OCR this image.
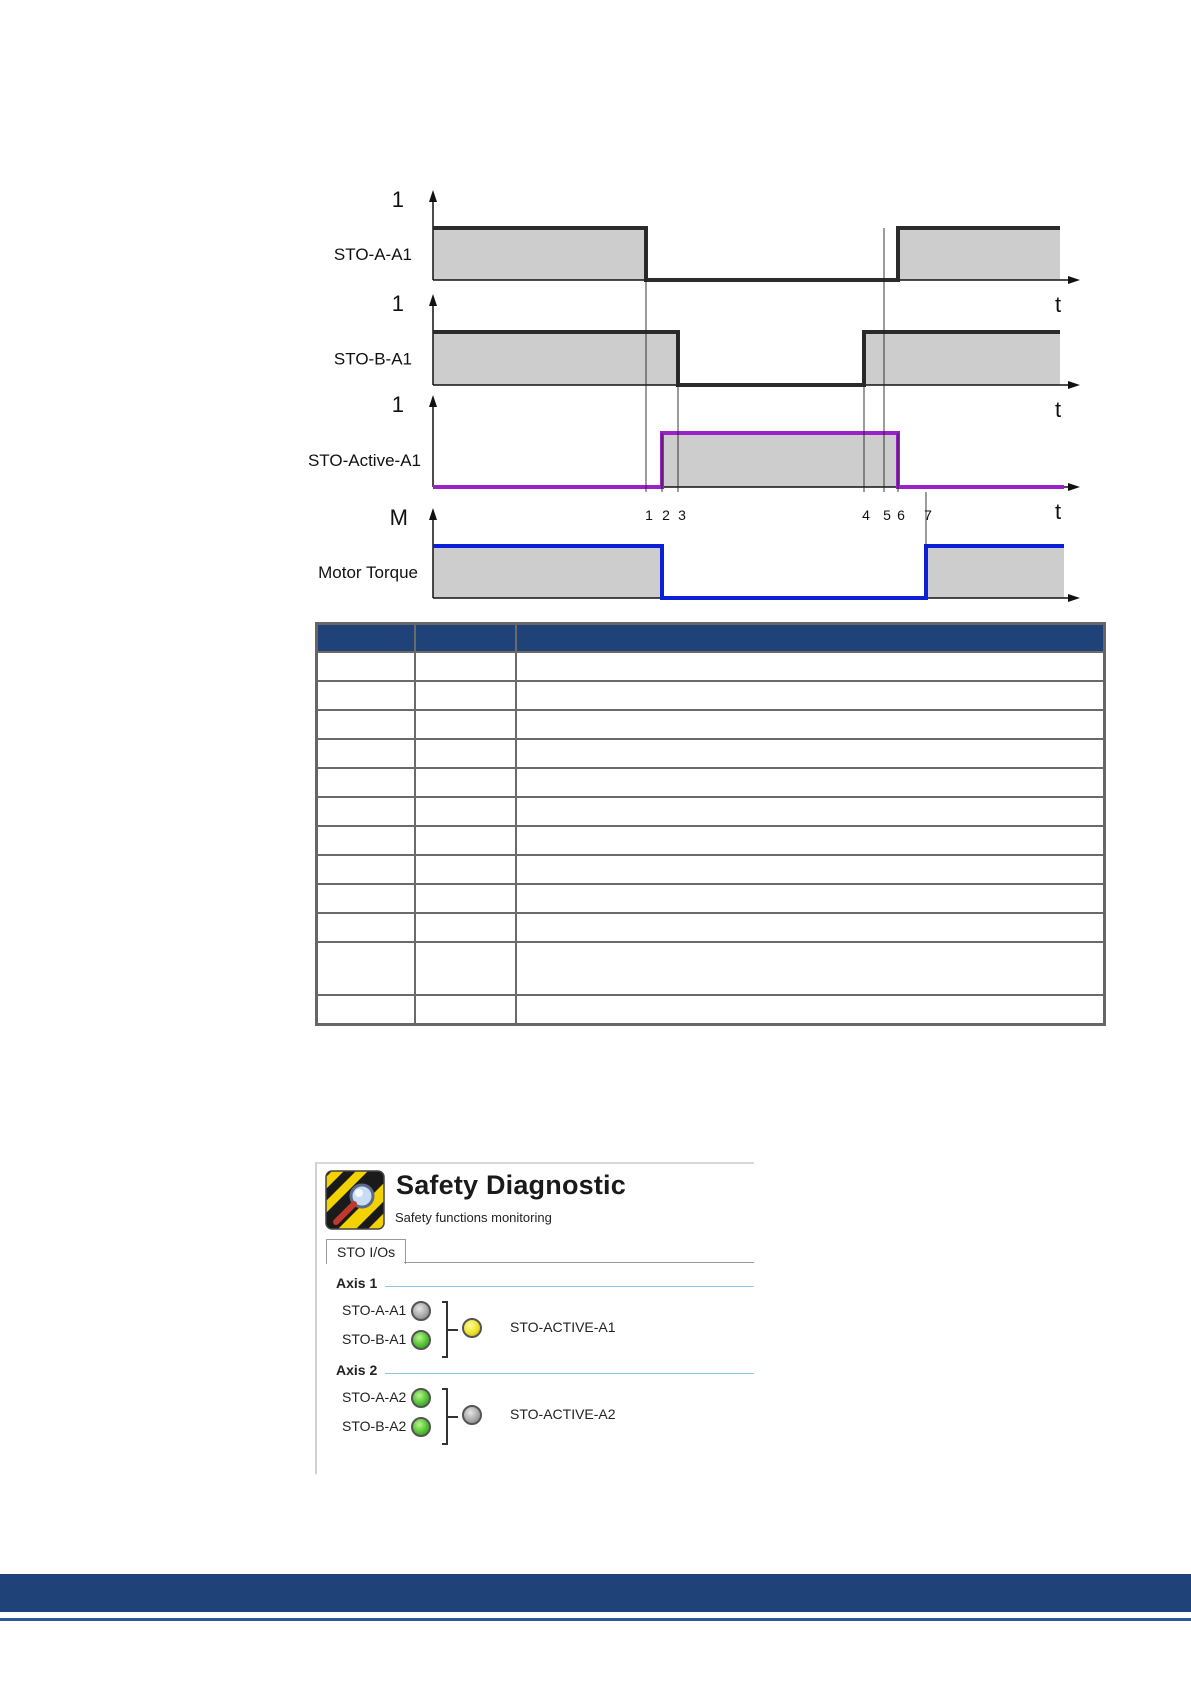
STO-A-A1
1
t
STO-B-A1
1
t
STO-Active-A1
1
t
Motor Torque
M	1 2 3	4 5 6 7

Safety Diagnostic
Safety functions monitoring
STO I/Os
Axis 1
STO-A-A1
STO-B-A1
STO-ACTIVE-A1
Axis 2
STO-A-A2
STO-B-A2
STO-ACTIVE-A2
